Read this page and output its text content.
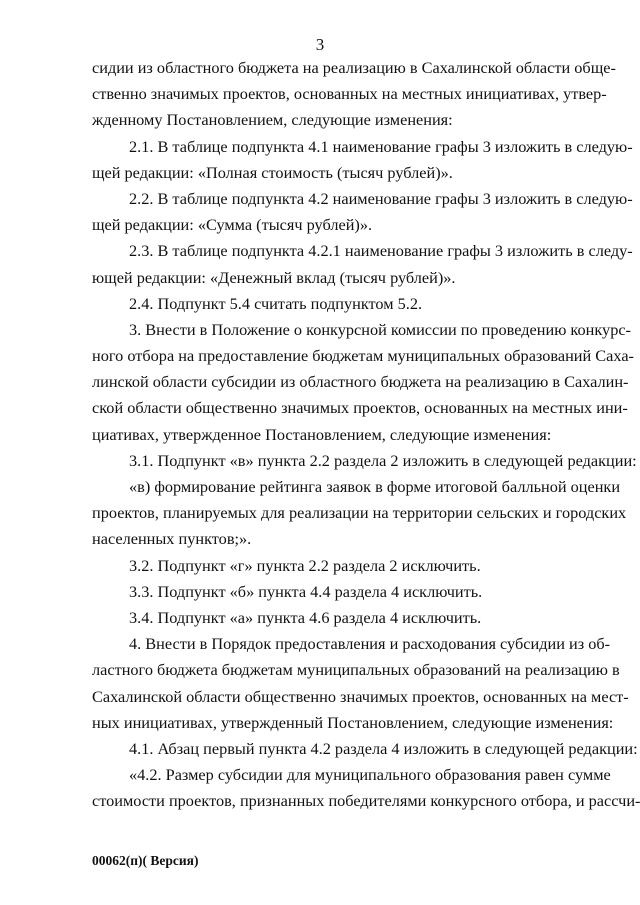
3
сидии из областного бюджета на реализацию в Сахалинской области обще-
ственно значимых проектов, основанных на местных инициативах, утвер-
жденному Постановлением, следующие изменения:
2.1. В таблице подпункта 4.1 наименование графы 3 изложить в следую-
щей редакции: «Полная стоимость (тысяч рублей)».
2.2. В таблице подпункта 4.2 наименование графы 3 изложить в следую-
щей редакции: «Сумма (тысяч рублей)».
2.3. В таблице подпункта 4.2.1 наименование графы 3 изложить в следу-
ющей редакции: «Денежный вклад (тысяч рублей)».
2.4. Подпункт 5.4 считать подпунктом 5.2.
3. Внести в Положение о конкурсной комиссии по проведению конкурс-
ного отбора на предоставление бюджетам муниципальных образований Саха-
линской области субсидии из областного бюджета на реализацию в Сахалин-
ской области общественно значимых проектов, основанных на местных ини-
циативах, утвержденное Постановлением, следующие изменения:
3.1. Подпункт «в» пункта 2.2 раздела 2 изложить в следующей редакции:
«в) формирование рейтинга заявок в форме итоговой балльной оценки
проектов, планируемых для реализации на территории сельских и городских
населенных пунктов;».
3.2. Подпункт «г» пункта 2.2 раздела 2 исключить.
3.3. Подпункт «б» пункта 4.4 раздела 4 исключить.
3.4. Подпункт «а» пункта 4.6 раздела 4 исключить.
4. Внести в Порядок предоставления и расходования субсидии из об-
ластного бюджета бюджетам муниципальных образований на реализацию в
Сахалинской области общественно значимых проектов, основанных на мест-
ных инициативах, утвержденный Постановлением, следующие изменения:
4.1. Абзац первый пункта 4.2 раздела 4 изложить в следующей редакции:
«4.2. Размер субсидии для муниципального образования равен сумме
стоимости проектов, признанных победителями конкурсного отбора, и рассчи-
00062(п)( Версия)
